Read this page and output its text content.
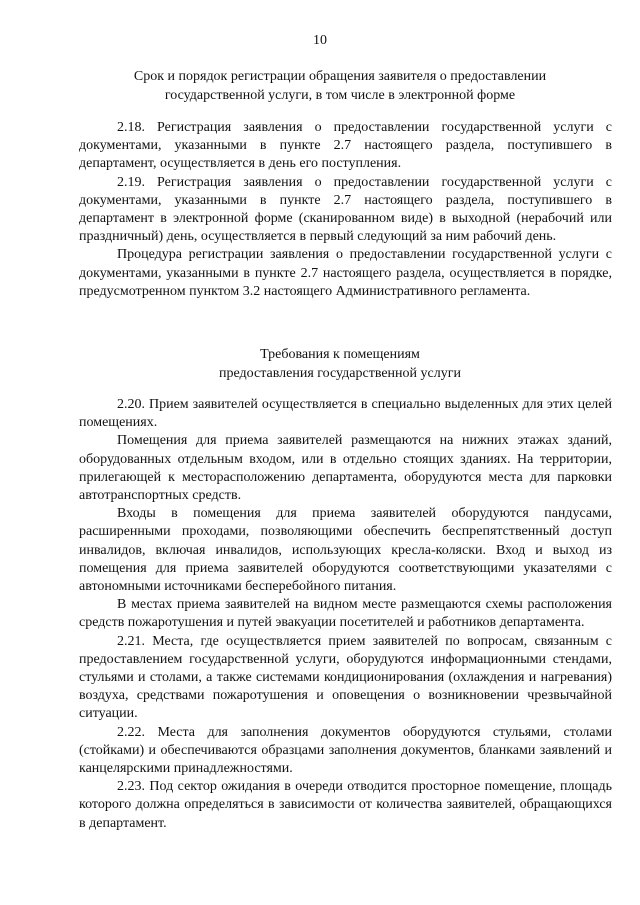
10
Срок и порядок регистрации обращения заявителя о предоставлении
государственной услуги, в том числе в электронной форме

2.18. Регистрация заявления о предоставлении государственной услуги с документами, указанными в пункте 2.7 настоящего раздела, поступившего в департамент, осуществляется в день его поступления.

2.19. Регистрация заявления о предоставлении государственной услуги с документами, указанными в пункте 2.7 настоящего раздела, поступившего в департамент в электронной форме (сканированном виде) в выходной (нерабочий или праздничный) день, осуществляется в первый следующий за ним рабочий день.

Процедура регистрации заявления о предоставлении государственной услуги с документами, указанными в пункте 2.7 настоящего раздела, осуществляется в порядке, предусмотренном пунктом 3.2 настоящего Административного регламента.

Требования к помещениям
предоставления государственной услуги

2.20. Прием заявителей осуществляется в специально выделенных для этих целей помещениях.

Помещения для приема заявителей размещаются на нижних этажах зданий, оборудованных отдельным входом, или в отдельно стоящих зданиях. На территории, прилегающей к месторасположению департамента, оборудуются места для парковки автотранспортных средств.

Входы в помещения для приема заявителей оборудуются пандусами, расширенными проходами, позволяющими обеспечить беспрепятственный доступ инвалидов, включая инвалидов, использующих кресла-коляски. Вход и выход из помещения для приема заявителей оборудуются соответствующими указателями с автономными источниками бесперебойного питания.

В местах приема заявителей на видном месте размещаются схемы расположения средств пожаротушения и путей эвакуации посетителей и работников департамента.

2.21. Места, где осуществляется прием заявителей по вопросам, связанным с предоставлением государственной услуги, оборудуются информационными стендами, стульями и столами, а также системами кондиционирования (охлаждения и нагревания) воздуха, средствами пожаротушения и оповещения о возникновении чрезвычайной ситуации.

2.22. Места для заполнения документов оборудуются стульями, столами (стойками) и обеспечиваются образцами заполнения документов, бланками заявлений и канцелярскими принадлежностями.

2.23. Под сектор ожидания в очереди отводится просторное помещение, площадь которого должна определяться в зависимости от количества заявителей, обращающихся в департамент.
